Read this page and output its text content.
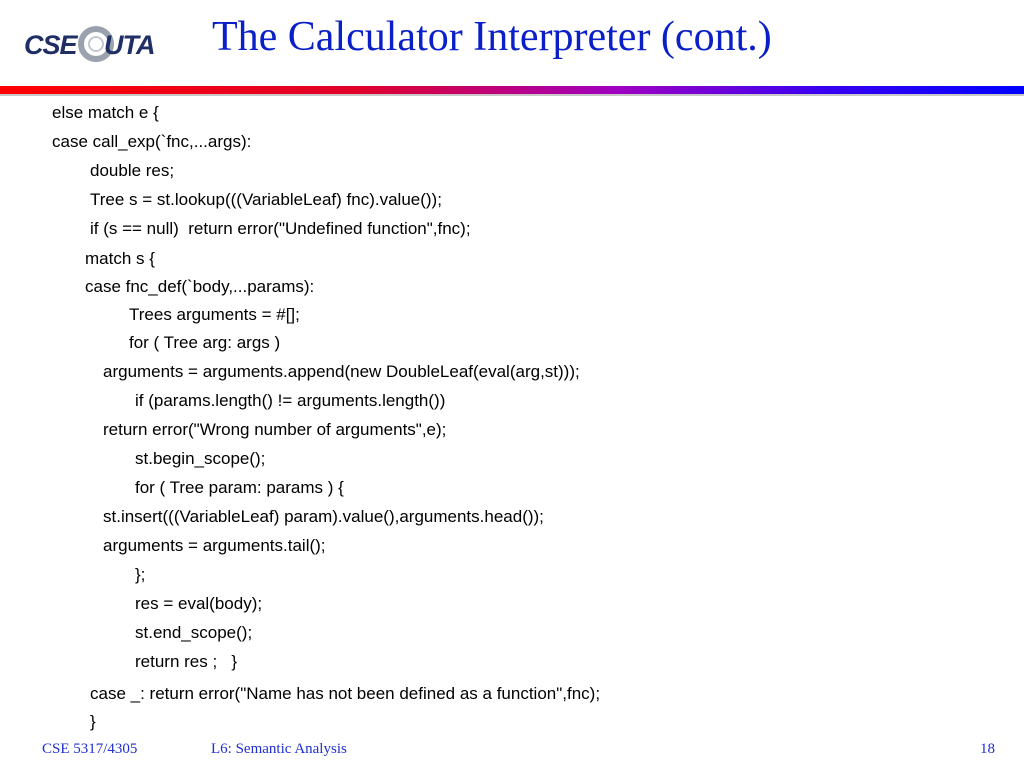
CSE UTA The Calculator Interpreter (cont.)
else match e {
case call_exp(`fnc,...args):
double res;
Tree s = st.lookup(((VariableLeaf) fnc).value());
if (s == null)  return error("Undefined function",fnc);
match s {
case fnc_def(`body,...params):
Trees arguments = #[];
for ( Tree arg: args )
arguments = arguments.append(new DoubleLeaf(eval(arg,st)));
if (params.length() != arguments.length())
return error("Wrong number of arguments",e);
st.begin_scope();
for ( Tree param: params ) {
st.insert(((VariableLeaf) param).value(),arguments.head());
arguments = arguments.tail();
};
res = eval(body);
st.end_scope();
return res ;   }
case _: return error("Name has not been defined as a function",fnc);
}
CSE 5317/4305	L6: Semantic Analysis	18
